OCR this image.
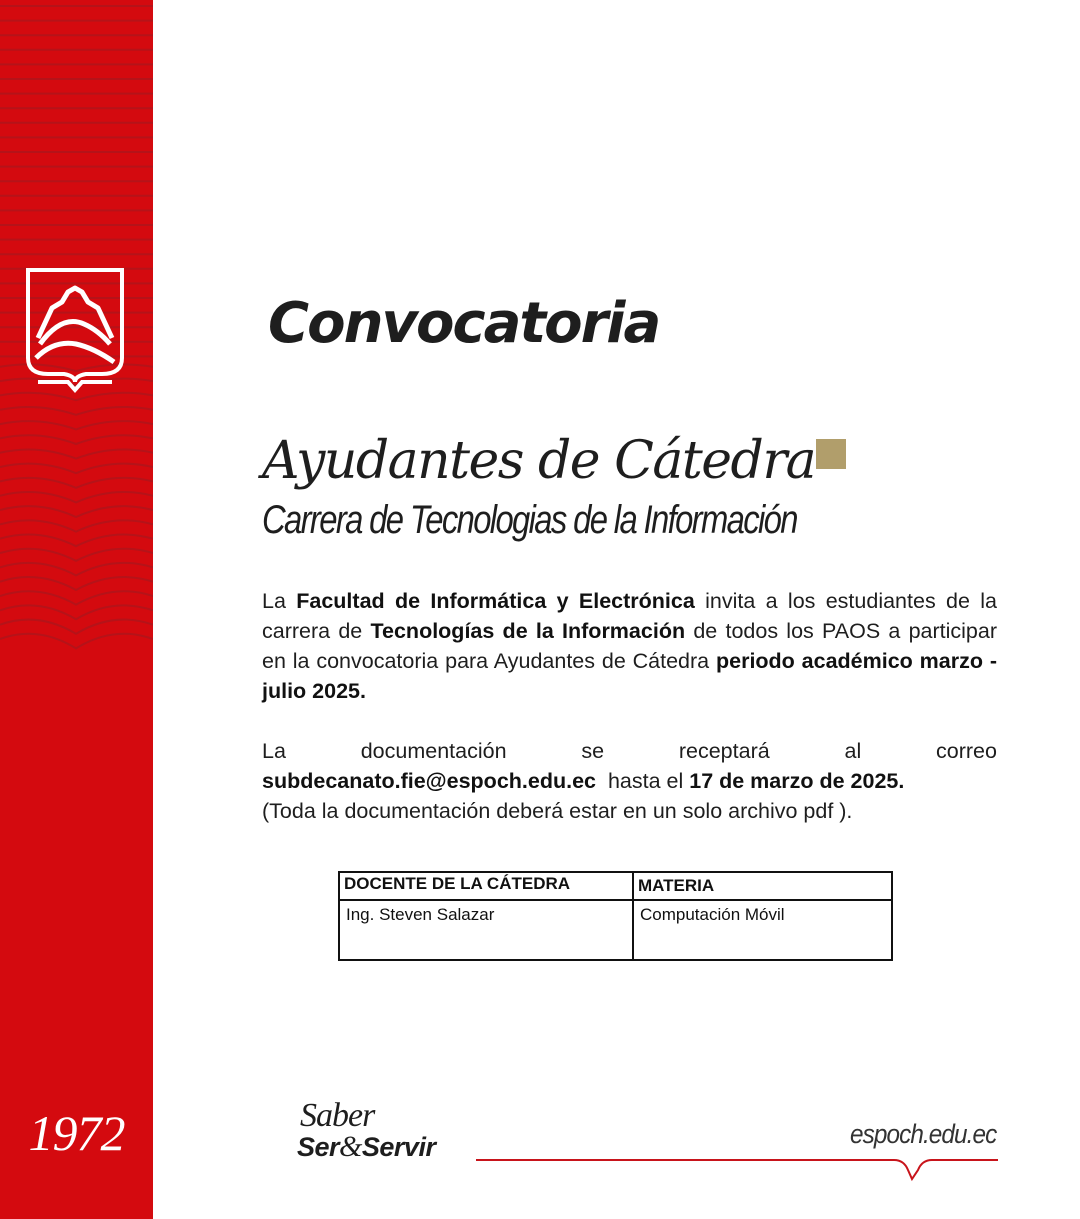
1972
Convocatoria
Ayudantes de Cátedra
Carrera de Tecnologias de la Información
La Facultad de Informática y Electrónica invita a los estudiantes de la carrera de Tecnologías de la Información de todos los PAOS a participar en la convocatoria para Ayudantes de Cátedra periodo académico marzo - julio 2025.
La	documentación	se	receptará	al	correo
subdecanato.fie@espoch.edu.ec  hasta el 17 de marzo de 2025.
(Toda la documentación deberá estar en un solo archivo pdf ).
DOCENTE DE LA CÁTEDRA	MATERIA
Ing. Steven Salazar	Computación Móvil
Saber
Ser&Servir	espoch.edu.ec
